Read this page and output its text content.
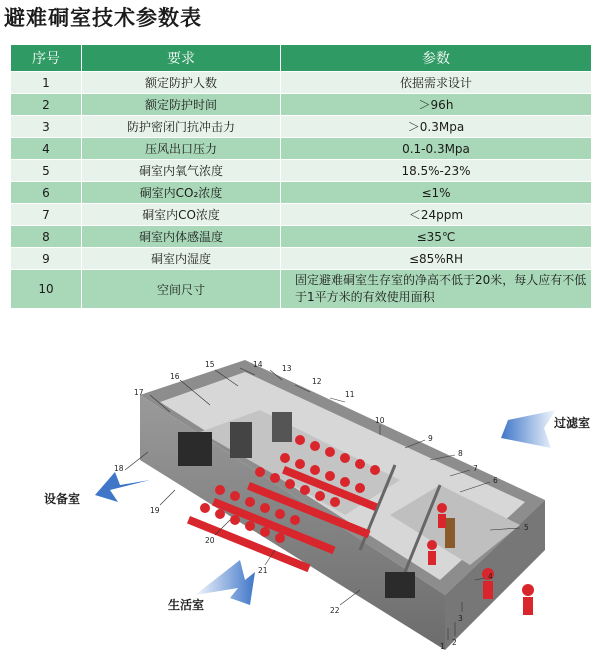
避难硐室技术参数表
序号	要求	参数
1	额定防护人数	依据需求设计
2	额定防护时间	＞96h
3	防护密闭门抗冲击力	＞0.3Mpa
4	压风出口压力	0.1-0.3Mpa
5	硐室内氧气浓度	18.5%-23%
6	硐室内CO₂浓度	≤1%
7	硐室内CO浓度	＜24ppm
8	硐室内体感温度	≤35℃
9	硐室内湿度	≤85%RH
10	空间尺寸	固定避难硐室生存室的净高不低于20米，每人应有不低于1平方米的有效使用面积
1 2
3
4
5
6
7
8
9
10
11
12
13
14
15
16
17
18
19
20
21
22
过滤室
设备室
生活室
